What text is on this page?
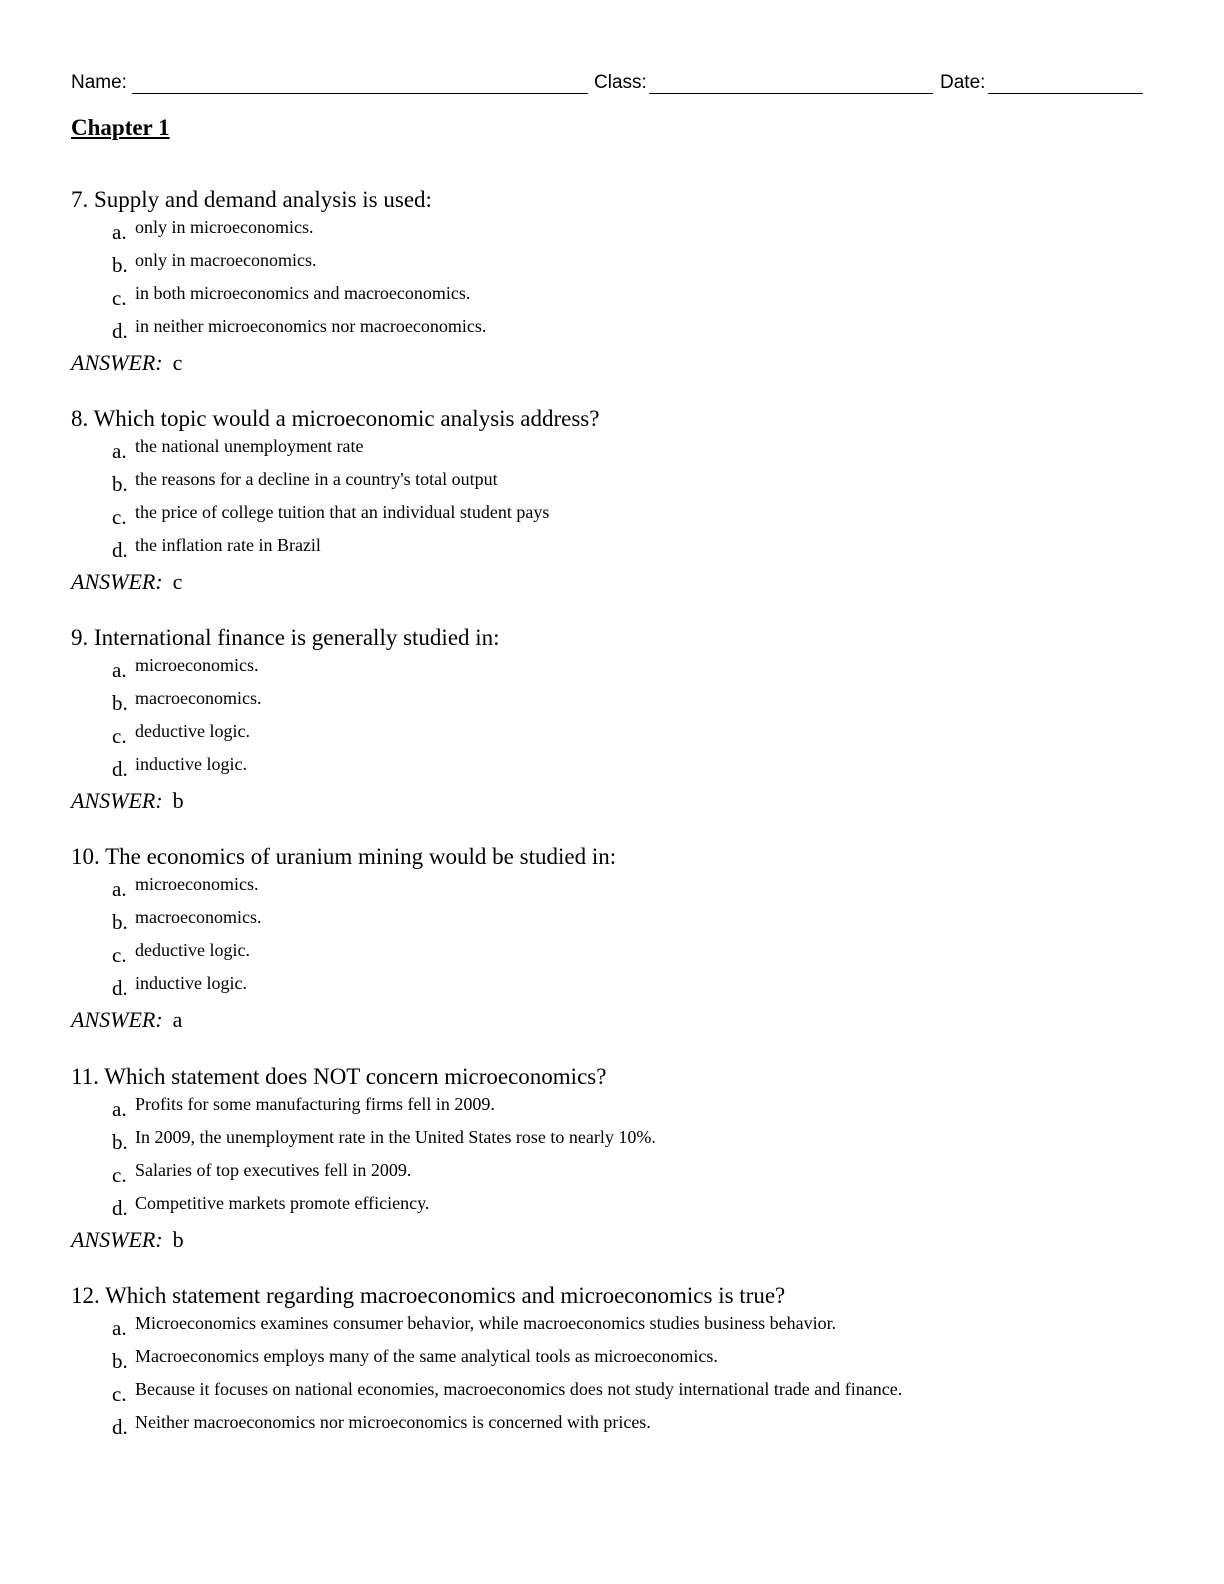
Name:	Class:	Date:
Chapter 1
7. Supply and demand analysis is used:
a. only in microeconomics.
b. only in macroeconomics.
c. in both microeconomics and macroeconomics.
d. in neither microeconomics nor macroeconomics.
ANSWER: c
8. Which topic would a microeconomic analysis address?
a. the national unemployment rate
b. the reasons for a decline in a country's total output
c. the price of college tuition that an individual student pays
d. the inflation rate in Brazil
ANSWER: c
9. International finance is generally studied in:
a. microeconomics.
b. macroeconomics.
c. deductive logic.
d. inductive logic.
ANSWER: b
10. The economics of uranium mining would be studied in:
a. microeconomics.
b. macroeconomics.
c. deductive logic.
d. inductive logic.
ANSWER: a
11. Which statement does NOT concern microeconomics?
a. Profits for some manufacturing firms fell in 2009.
b. In 2009, the unemployment rate in the United States rose to nearly 10%.
c. Salaries of top executives fell in 2009.
d. Competitive markets promote efficiency.
ANSWER: b
12. Which statement regarding macroeconomics and microeconomics is true?
a. Microeconomics examines consumer behavior, while macroeconomics studies business behavior.
b. Macroeconomics employs many of the same analytical tools as microeconomics.
c. Because it focuses on national economies, macroeconomics does not study international trade and finance.
d. Neither macroeconomics nor microeconomics is concerned with prices.
